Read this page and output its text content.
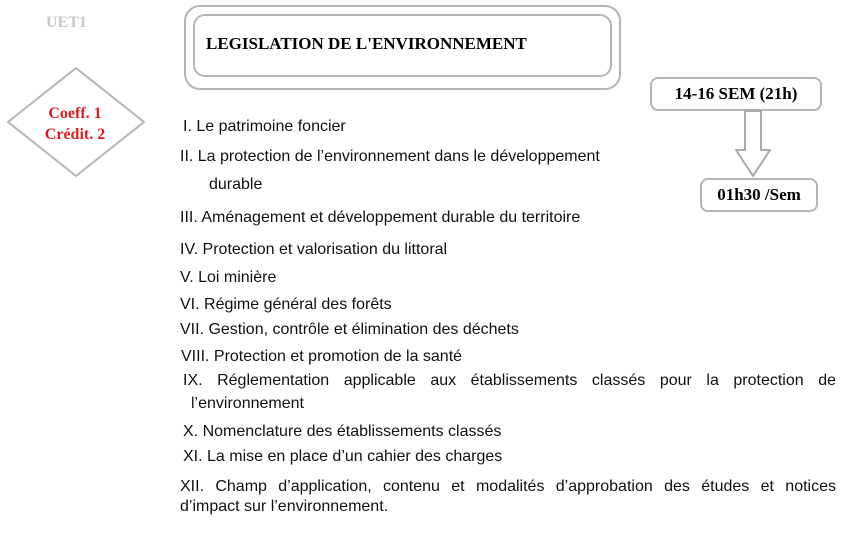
UET1
Coeff. 1
Crédit. 2
LEGISLATION DE L'ENVIRONNEMENT
14-16 SEM (21h)
01h30 /Sem
I. Le patrimoine foncier
II. La protection de l’environnement dans le développement
durable
III. Aménagement et développement durable du territoire
IV. Protection et valorisation du littoral
V. Loi minière
VI. Régime général des forêts
VII. Gestion, contrôle et élimination des déchets
VIII. Protection et promotion de la santé
IX. Réglementation applicable aux établissements classés pour la protection de
l’environnement
X. Nomenclature des établissements classés
XI. La mise en place d’un cahier des charges
XII. Champ d’application, contenu et modalités d’approbation des études et notices
d’impact sur l’environnement.
